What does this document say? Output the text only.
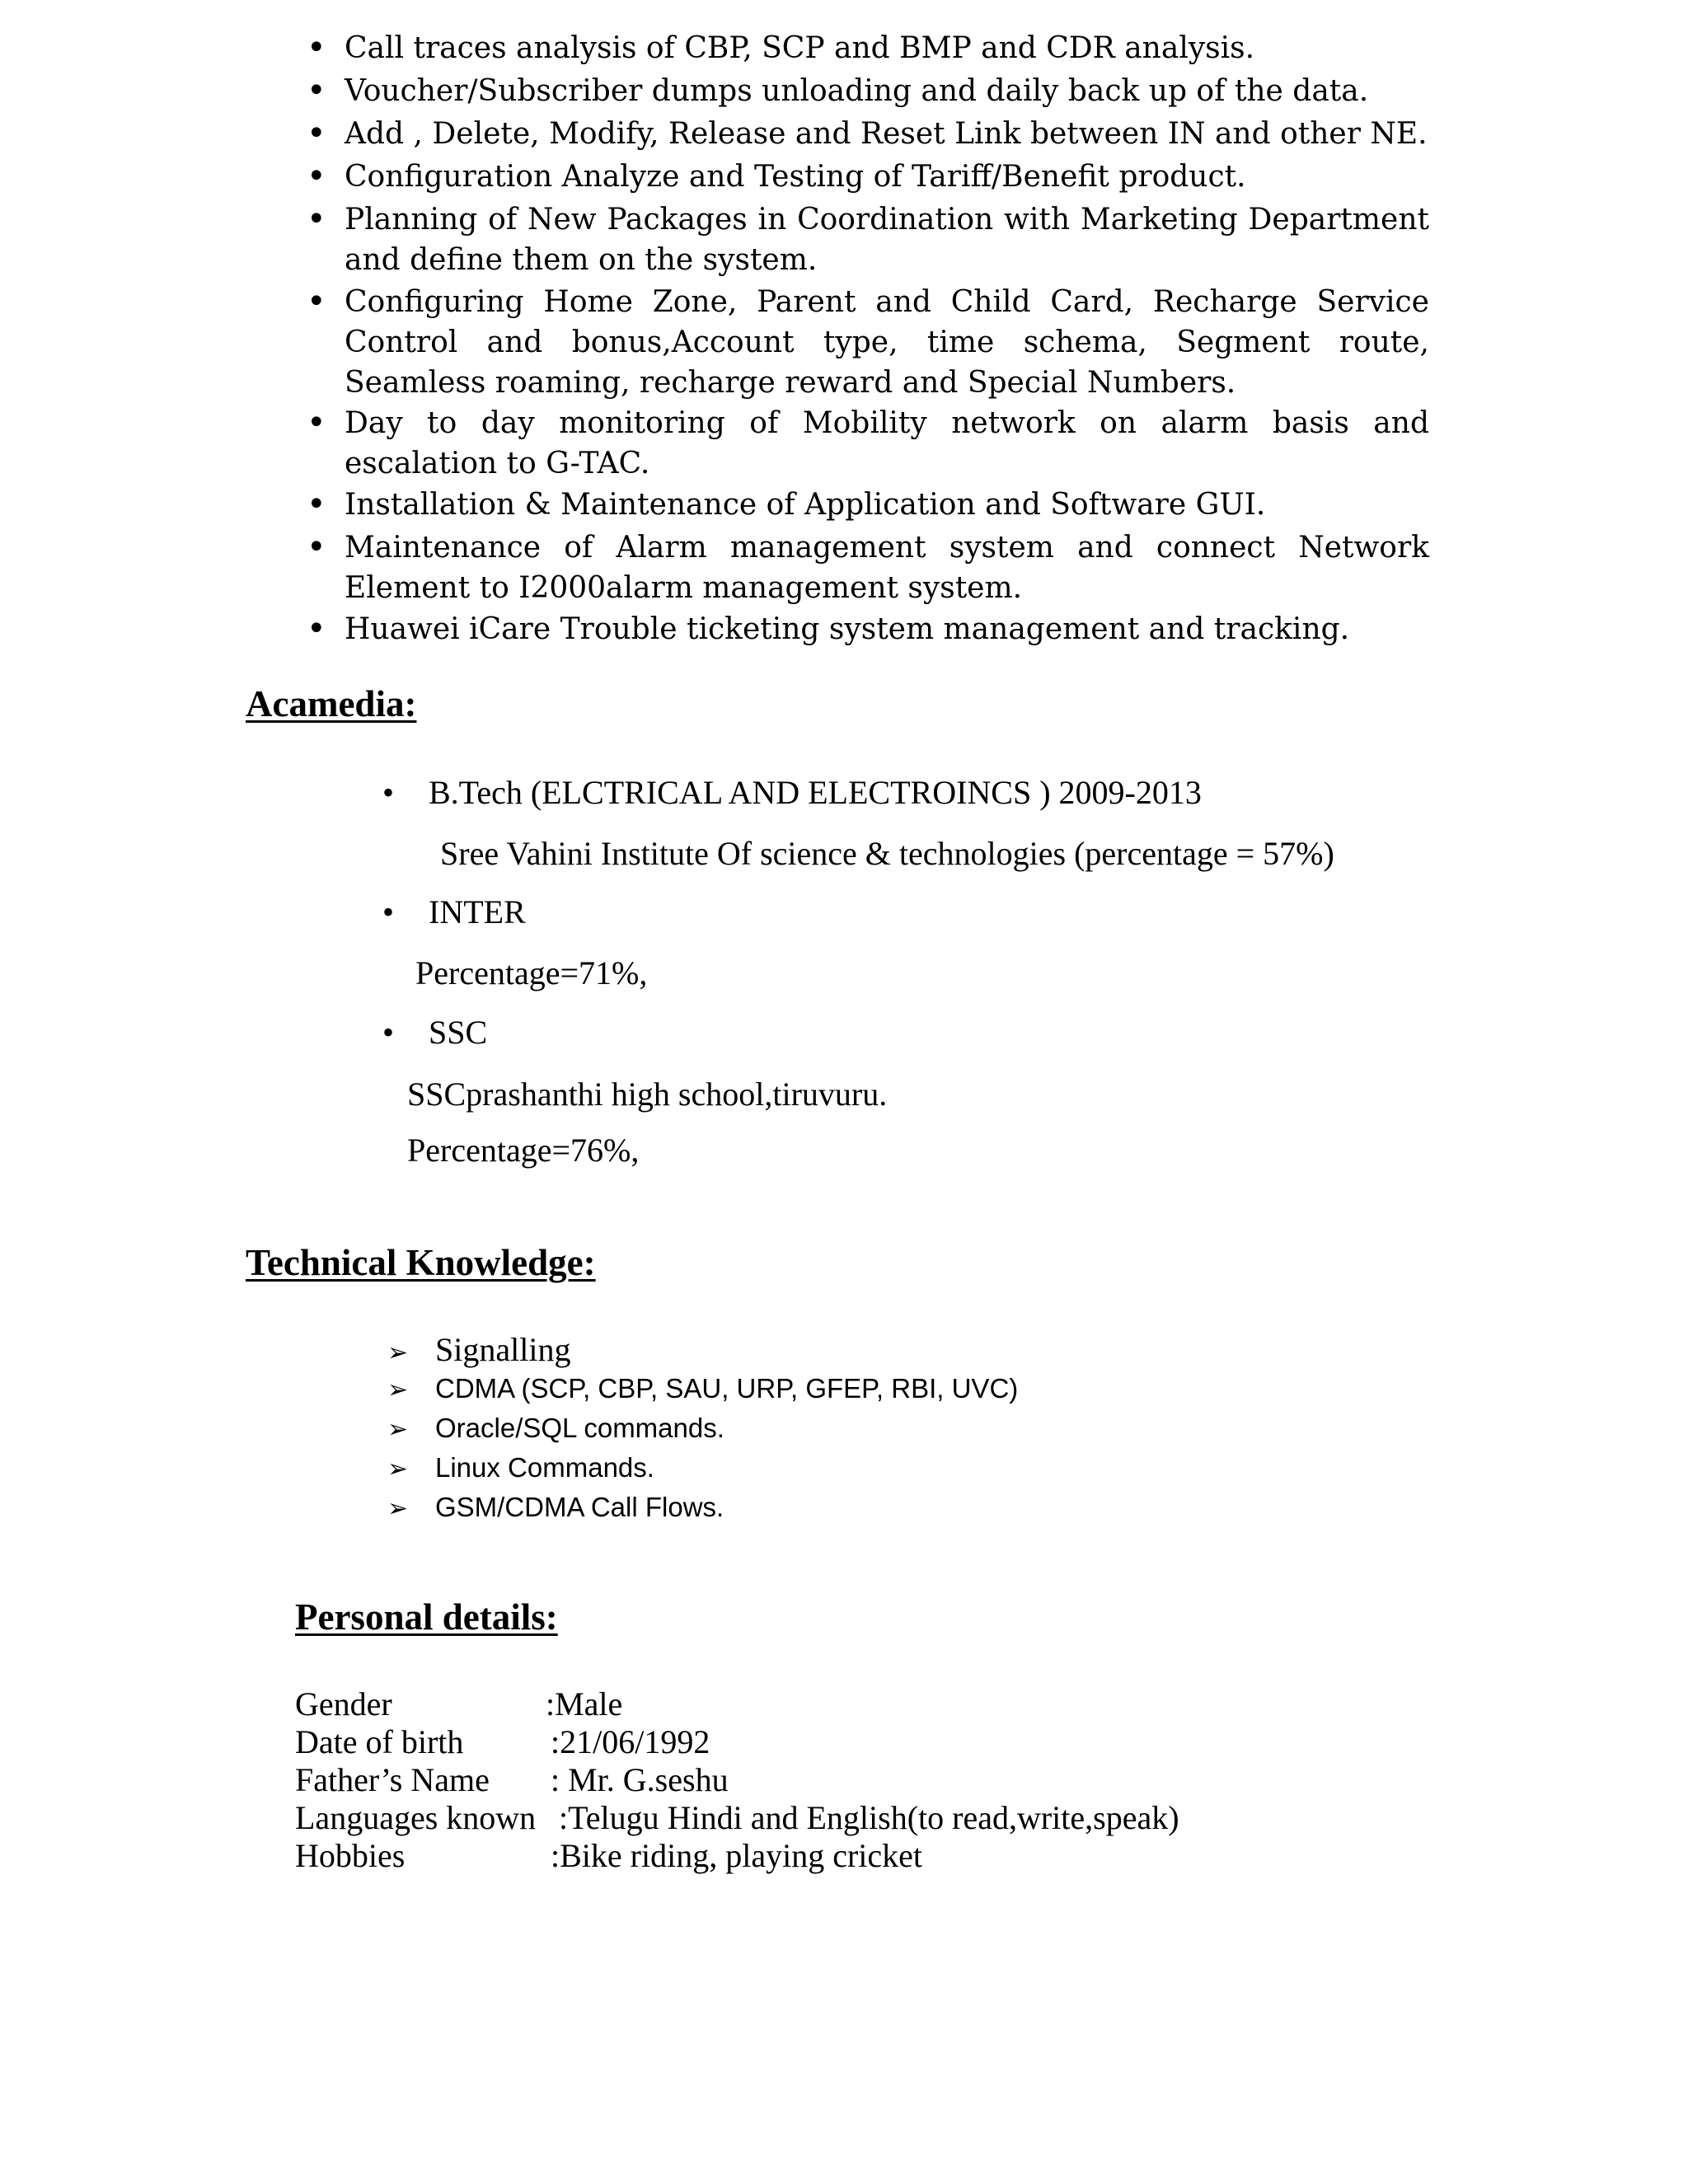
• Call traces analysis of CBP, SCP and BMP and CDR analysis.
• Voucher/Subscriber dumps unloading and daily back up of the data.
• Add , Delete, Modify, Release and Reset Link between IN and other NE.
• Configuration Analyze and Testing of Tariff/Benefit product.
• Planning of New Packages in Coordination with Marketing Department and define them on the system.
• Configuring Home Zone, Parent and Child Card, Recharge Service Control and bonus,Account type, time schema, Segment route, Seamless roaming, recharge reward and Special Numbers.
• Day to day monitoring of Mobility network on alarm basis and escalation to G-TAC.
• Installation & Maintenance of Application and Software GUI.
• Maintenance of Alarm management system and connect Network Element to I2000alarm management system.
• Huawei iCare Trouble ticketing system management and tracking.
Acamedia:
• B.Tech (ELCTRICAL AND ELECTROINCS ) 2009-2013
Sree Vahini Institute Of science & technologies (percentage = 57%)
• INTER
Percentage=71%,
• SSC
SSCprashanthi high school,tiruvuru.
Percentage=76%,
Technical Knowledge:
➢ Signalling
➢ CDMA (SCP, CBP, SAU, URP, GFEP, RBI, UVC)
➢ Oracle/SQL commands.
➢ Linux Commands.
➢ GSM/CDMA Call Flows.
Personal details:
Gender	:Male
Date of birth	:21/06/1992
Father’s Name : Mr. G.seshu
Languages known :Telugu Hindi and English(to read,write,speak)
Hobbies	:Bike riding, playing cricket
